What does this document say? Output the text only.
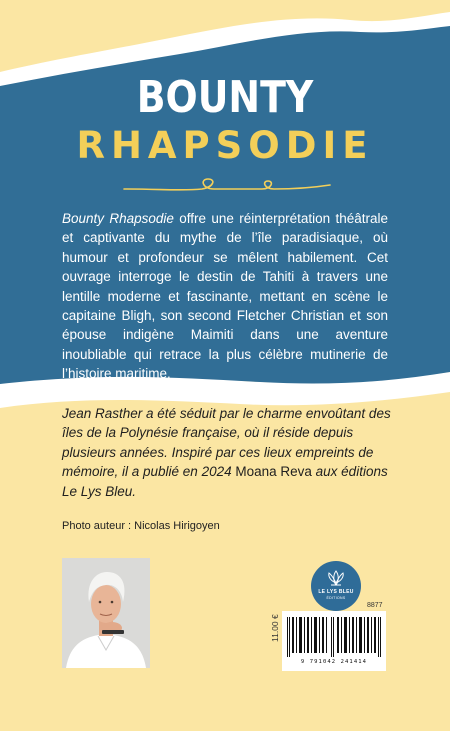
BOUNTY
RHAPSODIE
Bounty Rhapsodie offre une réinterprétation théâtrale et captivante du mythe de l’île paradisiaque, où humour et profondeur se mêlent habilement. Cet ouvrage interroge le destin de Tahiti à travers une lentille moderne et fascinante, mettant en scène le capitaine Bligh, son second Fletcher Christian et son épouse indigène Maimiti dans une aventure inoubliable qui retrace la plus célèbre mutinerie de l’histoire maritime.
Jean Rasther a été séduit par le charme envoûtant des îles de la Polynésie française, où il réside depuis plusieurs années. Inspiré par ces lieux empreints de mémoire, il a publié en 2024 Moana Reva aux éditions Le Lys Bleu.
Photo auteur : Nicolas Hirigoyen
LE LYS BLEU
ÉDITIONS
8877
11.00 €
9 791042 241414
